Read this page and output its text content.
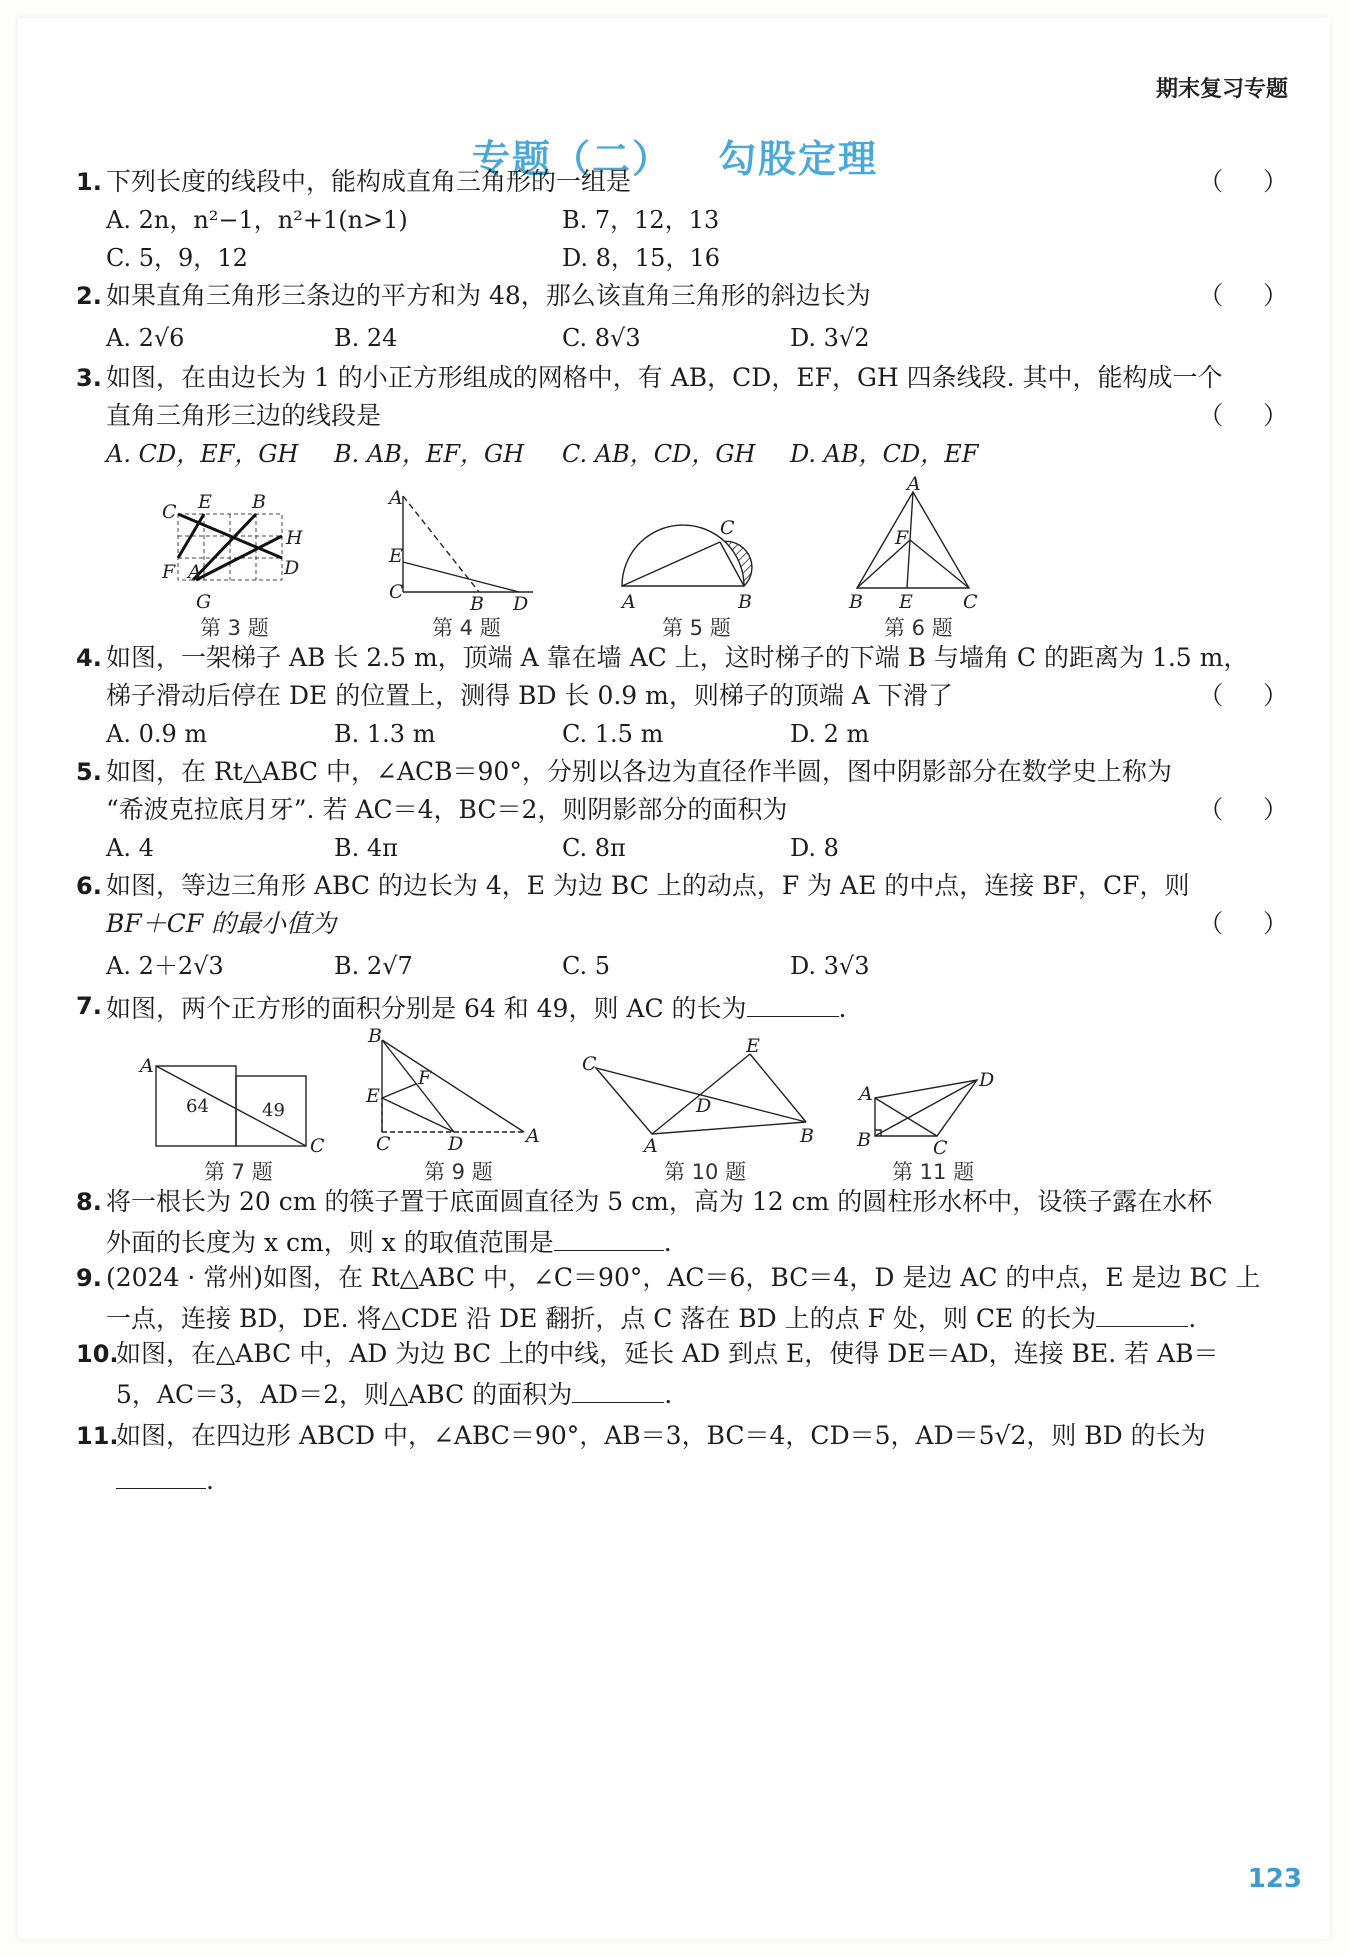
期末复习专题
专题（二） 勾股定理
1. 下列长度的线段中，能构成直角三角形的一组是	（     ）
A. 2n，n²−1，n²+1(n>1)	B. 7，12，13
C. 5，9，12	D. 8，15，16
2. 如果直角三角形三条边的平方和为 48，那么该直角三角形的斜边长为	（     ）
A. 2√6	B. 24	C. 8√3	D. 3√2
3. 如图，在由边长为 1 的小正方形组成的网格中，有 AB，CD，EF，GH 四条线段. 其中，能构成一个
直角三角形三边的线段是	（     ）
A. CD，EF，GH B. AB，EF，GH C. AB，CD，GH D. AB，CD，EF
C E B
H
F A	D
G
A
E
C
B D
C
A	B
A
F
B E	C
第 3 题	第 4 题	第 5 题	第 6 题
4. 如图，一架梯子 AB 长 2.5 m，顶端 A 靠在墙 AC 上，这时梯子的下端 B 与墙角 C 的距离为 1.5 m，
梯子滑动后停在 DE 的位置上，测得 BD 长 0.9 m，则梯子的顶端 A 下滑了	（     ）
A. 0.9 m	B. 1.3 m	C. 1.5 m	D. 2 m
5. 如图，在 Rt△ABC 中，∠ACB＝90°，分别以各边为直径作半圆，图中阴影部分在数学史上称为
“希波克拉底月牙”. 若 AC＝4，BC＝2，则阴影部分的面积为	（     ）
A. 4	B. 4π	C. 8π	D. 8
6. 如图，等边三角形 ABC 的边长为 4，E 为边 BC 上的动点，F 为 AE 的中点，连接 BF，CF，则
BF＋CF 的最小值为	（     ）
A. 2＋2√3	B. 2√7	C. 5	D. 3√3
7. 如图，两个正方形的面积分别是 64 和 49，则 AC 的长为	.
A
C
64	49
B
F
E
C	D	A
C
E
D
A	B
A
D
B	C
第 7 题	第 9 题	第 10 题	第 11 题
8. 将一根长为 20 cm 的筷子置于底面圆直径为 5 cm，高为 12 cm 的圆柱形水杯中，设筷子露在水杯
外面的长度为 x cm，则 x 的取值范围是	.
9. (2024 · 常州)如图，在 Rt△ABC 中，∠C＝90°，AC＝6，BC＝4，D 是边 AC 的中点，E 是边 BC 上
一点，连接 BD，DE. 将△CDE 沿 DE 翻折，点 C 落在 BD 上的点 F 处，则 CE 的长为	.
10.
如图，在△ABC 中，AD 为边 BC 上的中线，延长 AD 到点 E，使得 DE＝AD，连接 BE. 若 AB＝
5，AC＝3，AD＝2，则△ABC 的面积为	.
11.
如图，在四边形 ABCD 中，∠ABC＝90°，AB＝3，BC＝4，CD＝5，AD＝5√2，则 BD 的长为
.
123
